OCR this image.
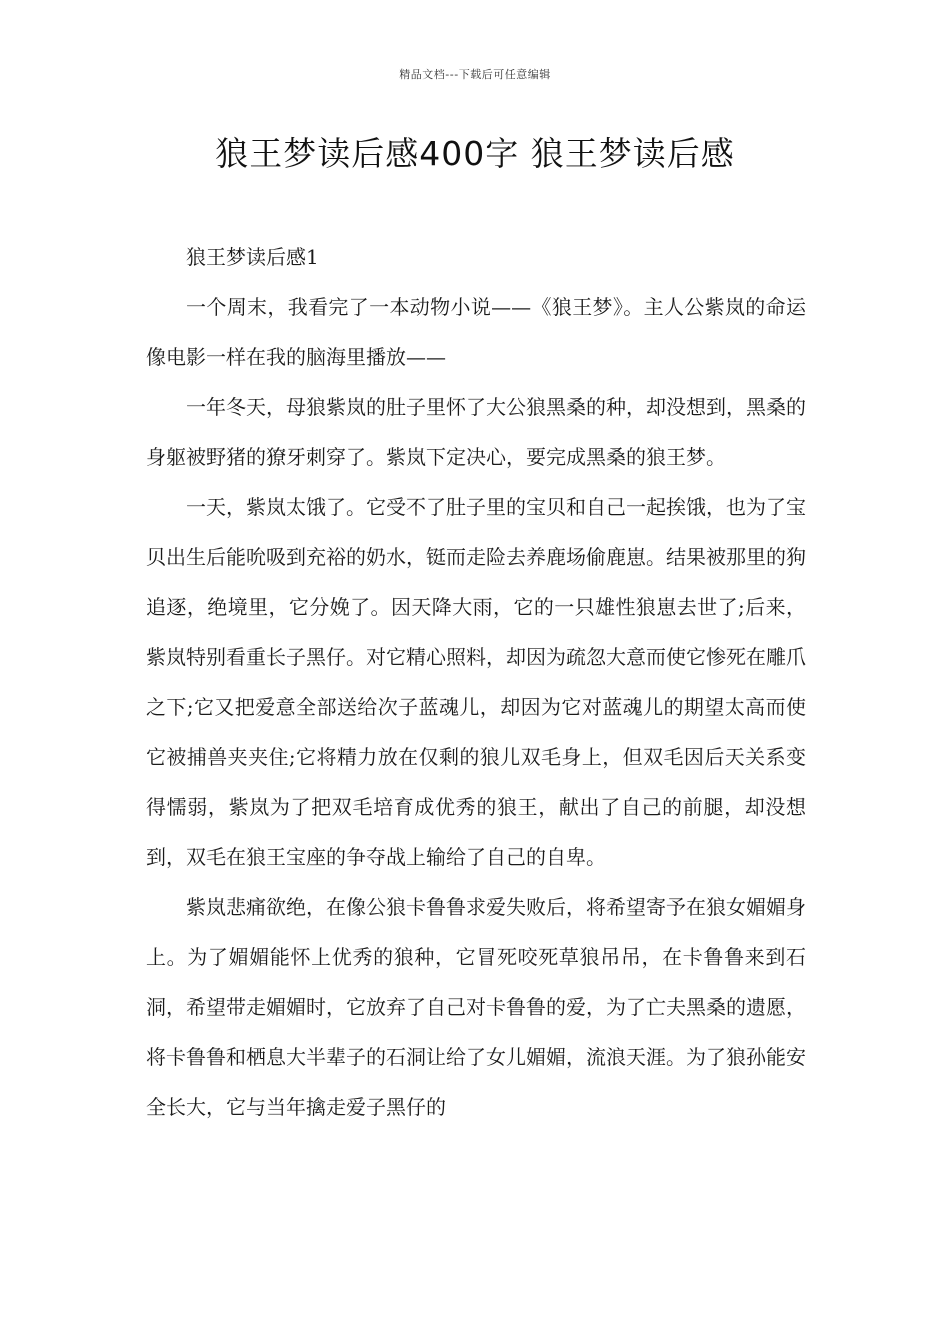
精品文档---下载后可任意编辑
狼王梦读后感400字 狼王梦读后感

狼王梦读后感1

一个周末，我看完了一本动物小说——《狼王梦》。主人公紫岚的命运像电影一样在我的脑海里播放——

一年冬天，母狼紫岚的肚子里怀了大公狼黑桑的种，却没想到，黑桑的身躯被野猪的獠牙刺穿了。紫岚下定决心，要完成黑桑的狼王梦。

一天，紫岚太饿了。它受不了肚子里的宝贝和自己一起挨饿，也为了宝贝出生后能吮吸到充裕的奶水，铤而走险去养鹿场偷鹿崽。结果被那里的狗追逐，绝境里，它分娩了。因天降大雨，它的一只雄性狼崽去世了;后来，紫岚特别看重长子黑仔。对它精心照料，却因为疏忽大意而使它惨死在雕爪之下;它又把爱意全部送给次子蓝魂儿，却因为它对蓝魂儿的期望太高而使它被捕兽夹夹住;它将精力放在仅剩的狼儿双毛身上，但双毛因后天关系变得懦弱，紫岚为了把双毛培育成优秀的狼王，献出了自己的前腿，却没想到，双毛在狼王宝座的争夺战上输给了自己的自卑。

紫岚悲痛欲绝，在像公狼卡鲁鲁求爱失败后，将希望寄予在狼女媚媚身上。为了媚媚能怀上优秀的狼种，它冒死咬死草狼吊吊，在卡鲁鲁来到石洞，希望带走媚媚时，它放弃了自己对卡鲁鲁的爱，为了亡夫黑桑的遗愿，将卡鲁鲁和栖息大半辈子的石洞让给了女儿媚媚，流浪天涯。为了狼孙能安全长大，它与当年擒走爱子黑仔的
